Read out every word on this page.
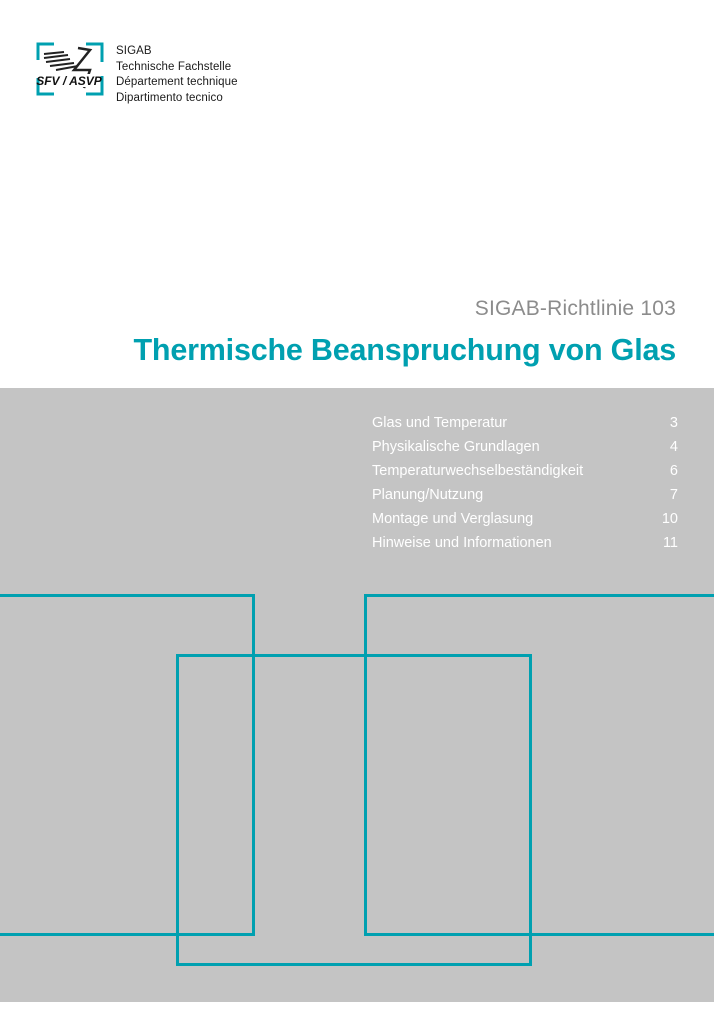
SFV / ASVP
SIGAB
Technische Fachstelle
Département technique
Dipartimento tecnico
SIGAB-Richtlinie 103
Thermische Beanspruchung von Glas
Glas und Temperatur	3
Physikalische Grundlagen	4
Temperaturwechselbeständigkeit	6
Planung/Nutzung	7
Montage und Verglasung	10
Hinweise und Informationen	11
